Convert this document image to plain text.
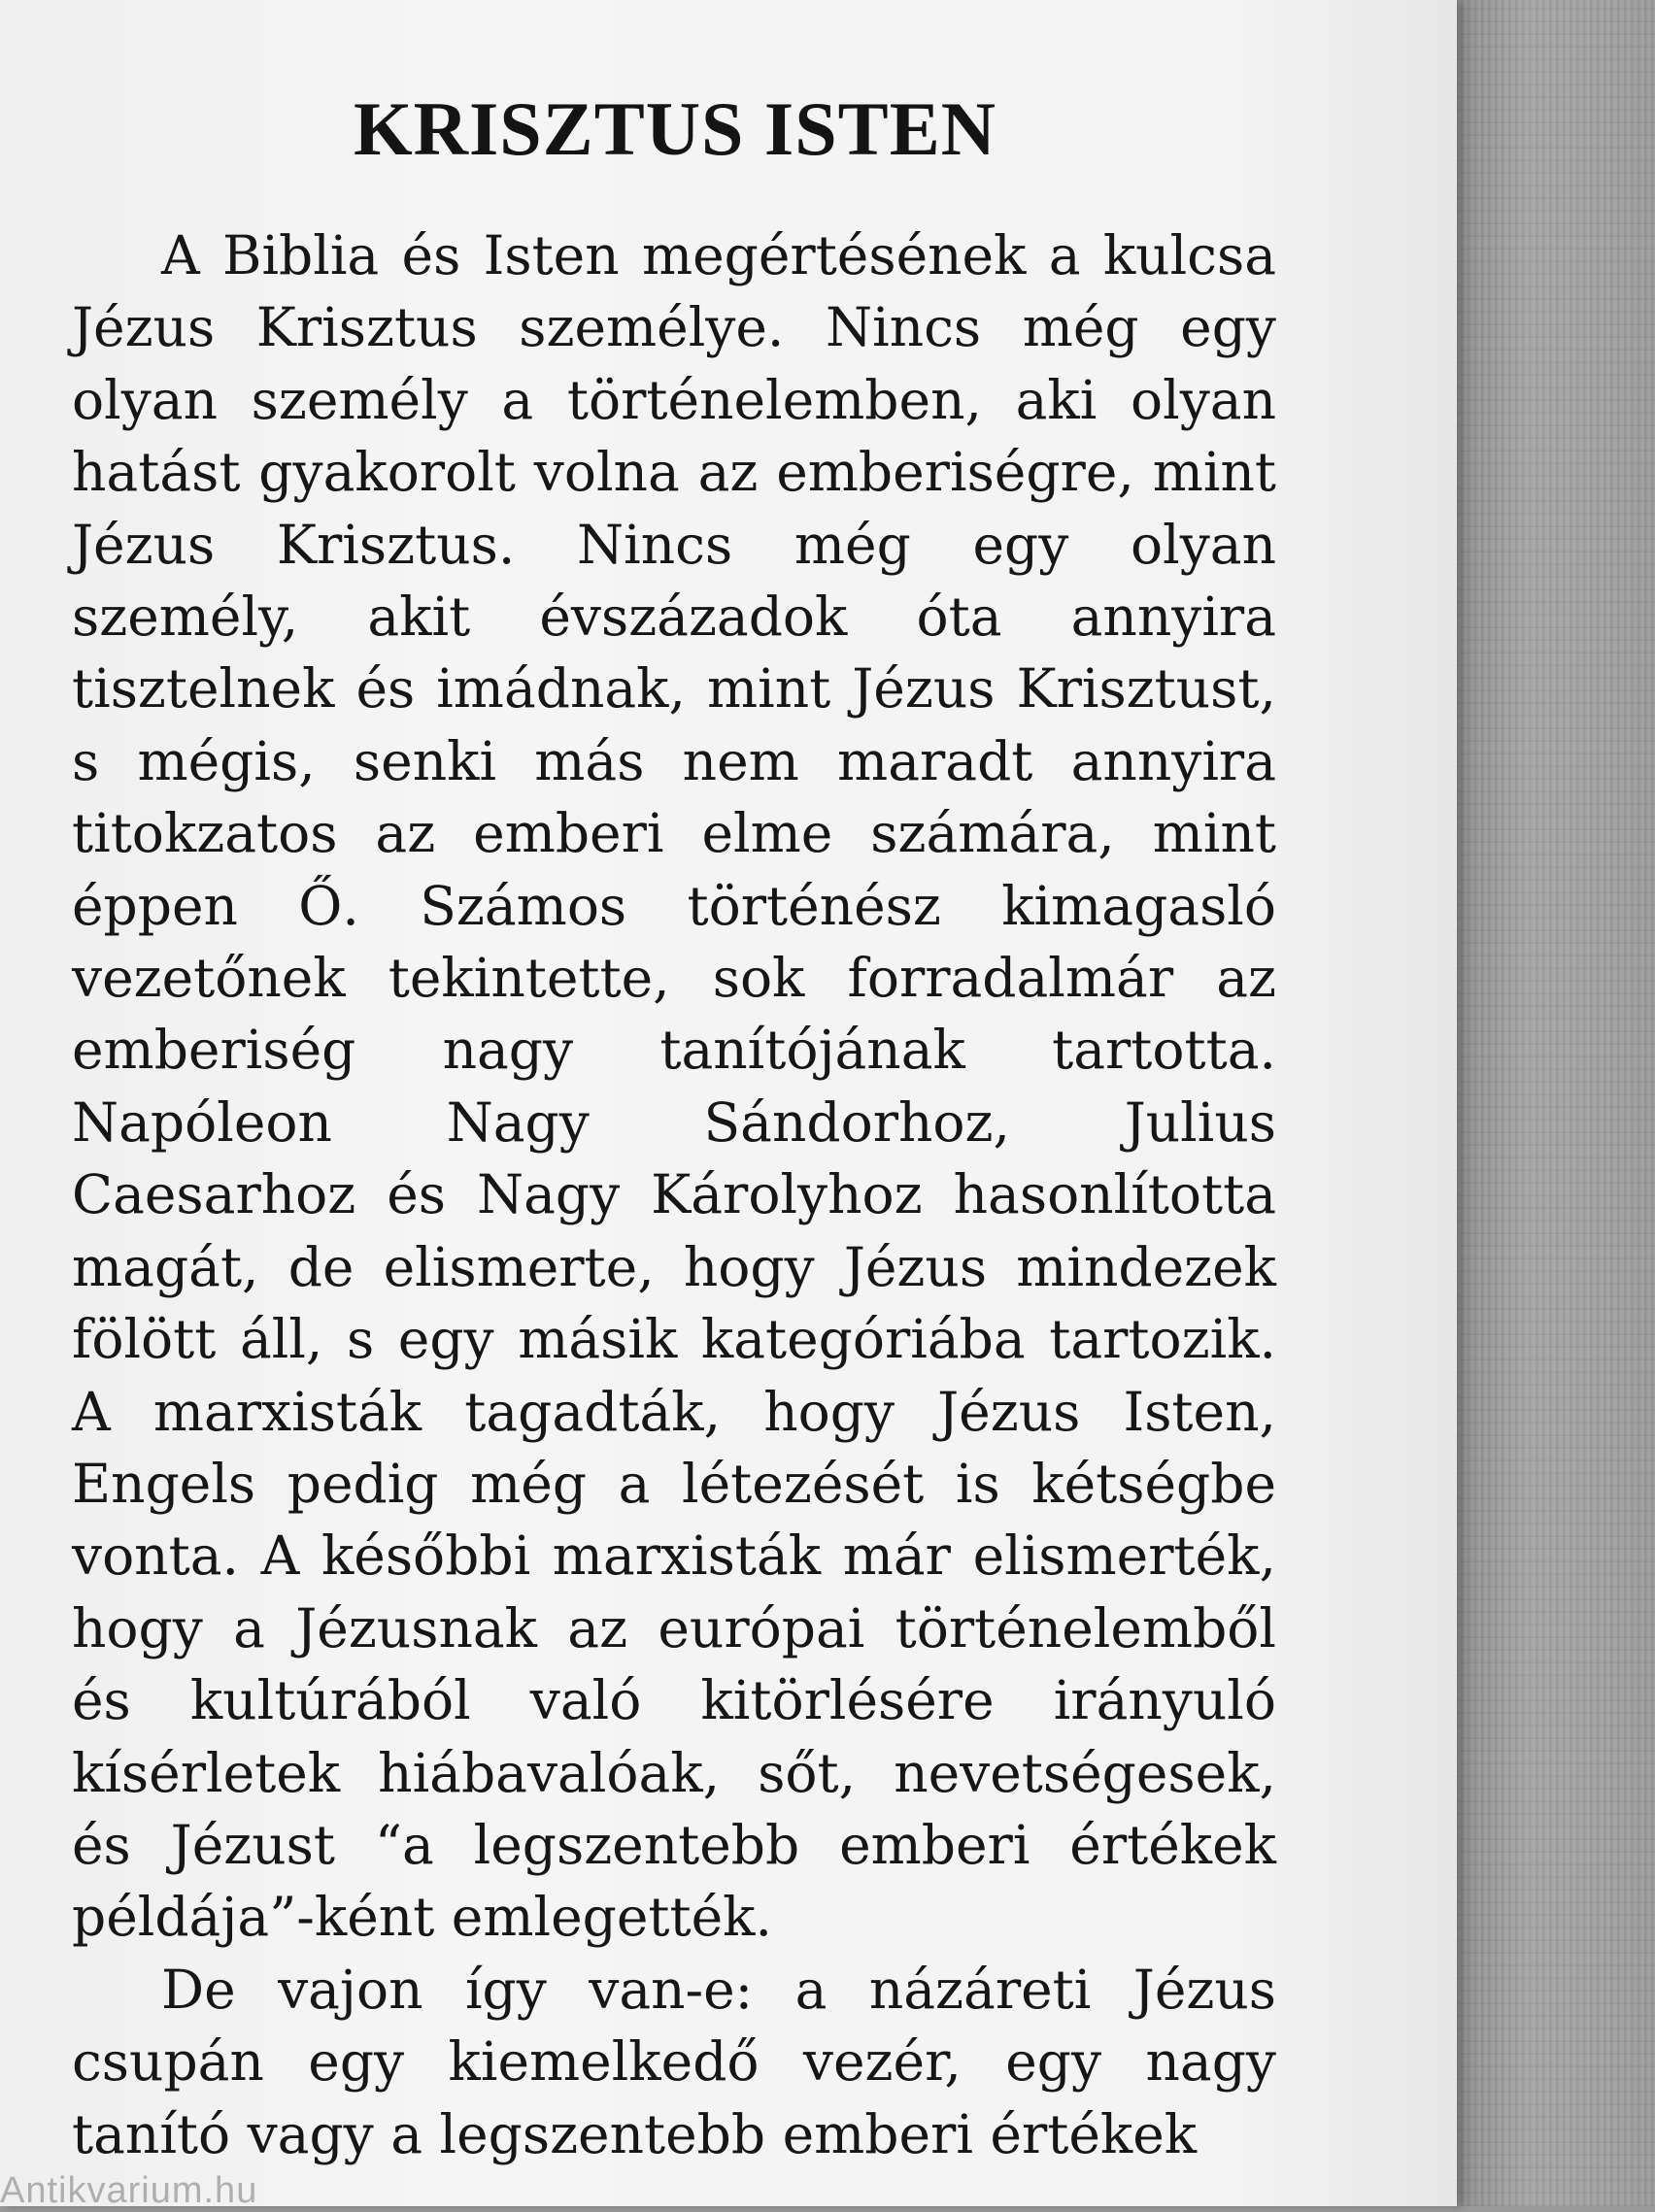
KRISZTUS ISTEN

A Biblia és Isten megértésének a kulcsa Jézus Krisztus személye. Nincs még egy olyan személy a történelemben, aki olyan hatást gyakorolt volna az emberiségre, mint Jézus Krisztus. Nincs még egy olyan személy, akit évszázadok óta annyira tisztelnek és imádnak, mint Jézus Krisztust, s mégis, senki más nem maradt annyira titokzatos az emberi elme számára, mint éppen Ő. Számos történész kimagasló vezetőnek tekintette, sok forradalmár az emberiség nagy tanítójának tartotta. Napóleon Nagy Sándorhoz, Julius Caesarhoz és Nagy Károlyhoz hasonlította magát, de elismerte, hogy Jézus mindezek fölött áll, s egy másik kategóriába tartozik. A marxisták tagadták, hogy Jézus Isten, Engels pedig még a létezését is kétségbe vonta. A későbbi marxisták már elismerték, hogy a Jézusnak az európai történelemből és kultúrából való kitörlésére irányuló kísérletek hiábavalóak, sőt, nevetségesek, és Jézust “a legszentebb emberi értékek példája”-ként emlegették.

De vajon így van-e: a názáreti Jézus csupán egy kiemelkedő vezér, egy nagy tanító vagy a legszentebb emberi értékek

Antikvarium.hu
